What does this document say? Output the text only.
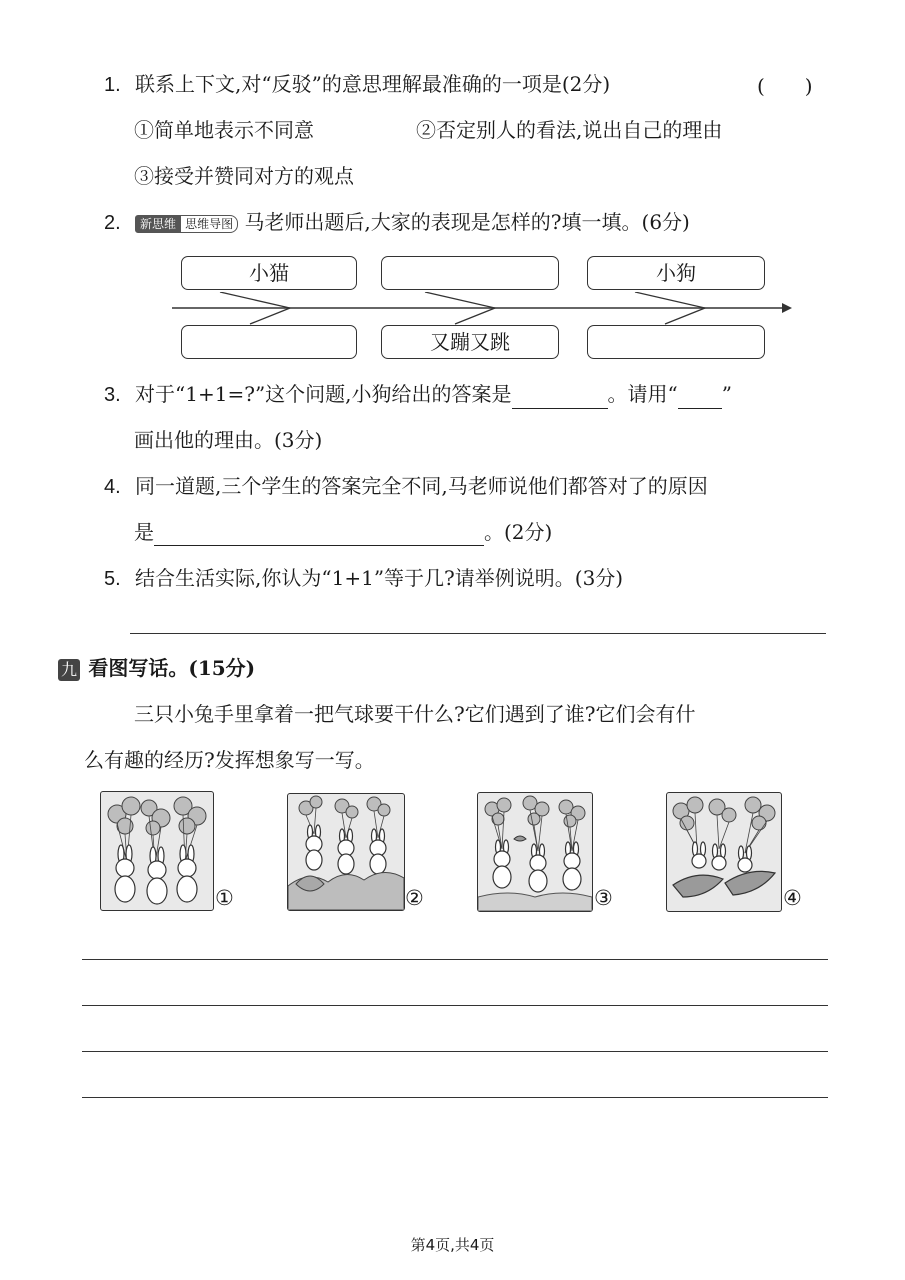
1. 联系上下文,对“反驳”的意思理解最准确的一项是(2分)	(　　)
①简单地表示不同意	②否定别人的看法,说出自己的理由
③接受并赞同对方的观点
2. 新思维 思维导图 马老师出题后,大家的表现是怎样的?填一填。(6分)
小猫	小狗
又蹦又跳
3. 对于“1+1=?”这个问题,小狗给出的答案是	。请用“ ”
画出他的理由。(3分)
4. 同一道题,三个学生的答案完全不同,马老师说他们都答对了的原因
是	。(2分)
5. 结合生活实际,你认为“1+1”等于几?请举例说明。(3分)
九 看图写话。(15分)
三只小兔手里拿着一把气球要干什么?它们遇到了谁?它们会有什
么有趣的经历?发挥想象写一写。
①	②	③	④
第4页,共4页
